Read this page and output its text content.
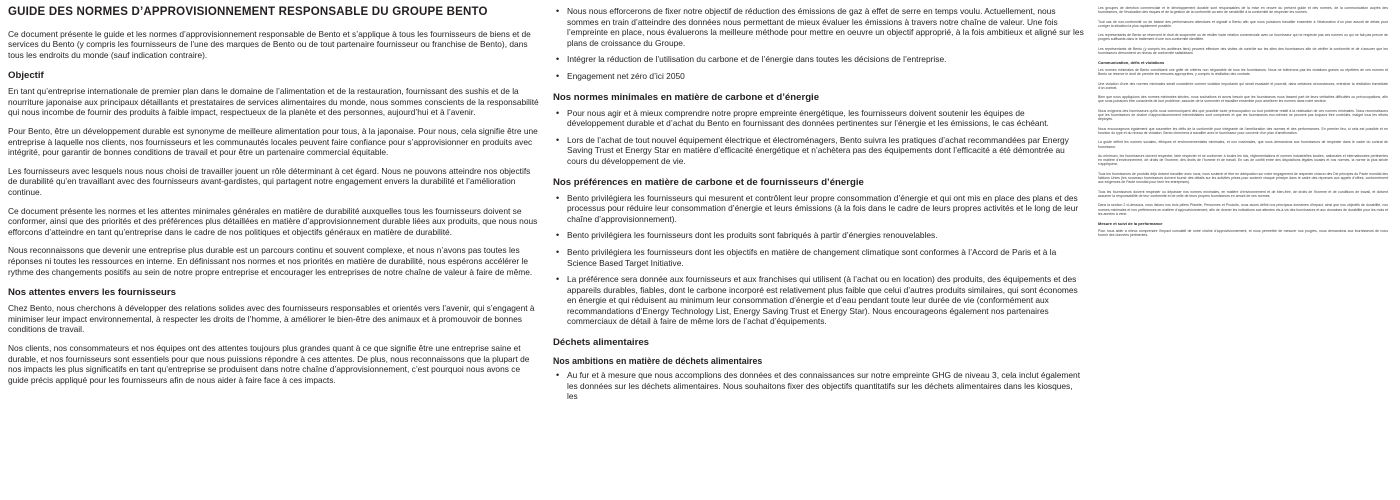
GUIDE DES NORMES D’APPROVISIONNEMENT RESPONSABLE DU GROUPE BENTO

Ce document présente le guide et les normes d’approvisionnement responsable de Bento et s’applique à tous les fournisseurs de biens et de services du Bento (y compris les fournisseurs de l’une des marques de Bento ou de tout partenaire fournisseur ou franchise de Bento), dans tous les endroits du monde (sauf indication contraire).

Objectif

En tant qu’entreprise internationale de premier plan dans le domaine de l’alimentation et de la restauration, fournissant des sushis et de la nourriture japonaise aux principaux détaillants et prestataires de services alimentaires du monde, nous sommes conscients de la responsabilité qui nous incombe de fournir des produits à faible impact, respectueux de la planète et des personnes, aujourd’hui et à l’avenir.

Pour Bento, être un développement durable est synonyme de meilleure alimentation pour tous, à la japonaise. Pour nous, cela signifie être une entreprise à laquelle nos clients, nos fournisseurs et les communautés locales peuvent faire confiance pour s’approvisionner en produits avec intégrité, pour garantir de bonnes conditions de travail et pour être un partenaire commercial équitable.

Les fournisseurs avec lesquels nous nous choisi de travailler jouent un rôle déterminant à cet égard. Nous ne pouvons atteindre nos objectifs de durabilité qu’en travaillant avec des fournisseurs avant-gardistes, qui partagent notre engagement envers la durabilité et l’amélioration continue.

Ce document présente les normes et les attentes minimales générales en matière de durabilité auxquelles tous les fournisseurs doivent se conformer, ainsi que des priorités et des préférences plus détaillées en matière d’approvisionnement durable liées aux produits, que nous nous efforcons d’atteindre en tant qu’entreprise dans le cadre de nos politiques et objectifs généraux en matière de durabilité.

Nous reconnaissons que devenir une entreprise plus durable est un parcours continu et souvent complexe, et nous n’avons pas toutes les réponses ni toutes les ressources en interne. En définissant nos normes et nos priorités en matière de durabilité, nous espérons accélérer le rythme des changements positifs au sein de notre propre entreprise et encourager les entreprises de notre chaîne de valeur à faire de même.

Nos attentes envers les fournisseurs

Chez Bento, nous cherchons à développer des relations solides avec des fournisseurs responsables et orientés vers l’avenir, qui s’engagent à minimiser leur impact environnemental, à respecter les droits de l’homme, à améliorer le bien-être des animaux et à promouvoir de bonnes conditions de travail.

Nos clients, nos consommateurs et nos équipes ont des attentes toujours plus grandes quant à ce que signifie être une entreprise saine et durable, et nos fournisseurs sont essentiels pour que nous puissions répondre à ces attentes. De plus, nous reconnaissons que la plupart de nos impacts les plus significatifs en tant qu’entreprise se produisent dans notre chaîne d’approvisionnement, c’est pourquoi nous avons ce guide précis appliqué pour les fournisseurs afin de nous aider à faire face à ces impacts.

• Nous nous efforcerons de fixer notre objectif de réduction des émissions de gaz à effet de serre en temps voulu. Actuellement, nous sommes en train d’atteindre des données nous permettant de mieux évaluer les émissions à travers notre chaîne de valeur. Une fois l’empreinte en place, nous évaluerons la meilleure méthode pour mettre en oeuvre un objectif approprié, à la fois ambitieux et aligné sur les plans de croissance du Groupe.
• Intégrer la réduction de l’utilisation du carbone et de l’énergie dans toutes les décisions de l’entreprise.
• Engagement net zéro d’ici 2050
Nos normes minimales en matière de carbone et d’énergie
• Pour nous agir et à mieux comprendre notre propre empreinte énergétique, les fournisseurs doivent soutenir les équipes de développement durable et d’achat du Bento en fournissant des données pertinentes sur l’énergie et les émissions, le cas échéant.
• Lors de l’achat de tout nouvel équipement électrique et électroménagers, Bento suivra les pratiques d’achat recommandées par Energy Saving Trust et Energy Star en matière d’efficacité énergétique et n’achètera pas des équipements dont l’efficacité a été démontrée au cours du développement de vie.
Nos préférences en matière de carbone et de fournisseurs d’énergie
• Bento privilégiera les fournisseurs qui mesurent et contrôlent leur propre consommation d’énergie et qui ont mis en place des plans et des processus pour réduire leur consommation d’énergie et leurs émissions (à la fois dans le cadre de leurs propres activités et le long de leur chaîne d’approvisionnement).
• Bento privilégiera les fournisseurs dont les produits sont fabriqués à partir d’énergies renouvelables.
• Bento privilégiera les fournisseurs dont les objectifs en matière de changement climatique sont conformes à l’Accord de Paris et à la Science Based Target Initiative.
• La préférence sera donnée aux fournisseurs et aux franchises qui utilisent (à l’achat ou en location) des produits, des équipements et des appareils durables, fiables, dont le carbone incorporé est relativement plus faible que celui d’autres produits similaires, qui sont économes en énergie et qui réduisent au minimum leur consommation d’énergie et d’eau pendant toute leur durée de vie (conformément aux recommandations d’Energy Technology List, Energy Saving Trust et Energy Star). Nous encourageons également nos partenaires commerciaux de détail à faire de même lors de l’achat d’équipements.
Déchets alimentaires
Nos ambitions en matière de déchets alimentaires
• Au fur et à mesure que nous accomplions des données et des connaissances sur notre empreinte GHG de niveau 3, cela inclut également les données sur les déchets alimentaires. Nous souhaitons fixer des objectifs quantitatifs sur les déchets alimentaires dans les kiosques, les

Les groupes de direction commerciale et le développement durable sont responsables de la mise en œuvre du présent guide et des normes, de la communication auprès des fournisseurs, de l’évaluation des risques et de la gestion de la conformité au sein de sensibilité à la conformité de respecter les normes.

Tout cas de non-conformité ou de baisse des performances attendues et signalé à Bento afin que nous puissions travailler ensemble à l’élaboration d’un plan assorti de délais pour corriger la situation la plus rapidement possible.

Les représentants de Bento se réservent le droit de suspendre ou de résilier toute relation commerciale avec un fournisseur qui ne respecte pas ces normes ou qui ne fait pas preuve de progrès suffisants dans le traitement d’une non-conformité identifiée.

Les représentants de Bento (y compris les auditeurs tiers) peuvent effectuer des visites de contrôle sur les sites des fournisseurs afin de vérifier la conformité et de s’assurer que les fournisseurs démontrent un niveau de conformité satisfaisant.

Communication, défis et violations

Les normes minimales de Bento constituent une grille de critères non négociable de tous les fournisseurs. Nous ne tolérerons pas les violations graves ou répétées de ces normes et Bento se réserve le droit de prendre les mesures appropriées, y compris la résiliation des contrats.

Une violation d’une des normes minimales serait considérée comme violation importante qui serait escaladé et pourrait, dans certaines circonstances, entraîner la résiliation immédiate d’un contrat.

Bien que nous appliquions des normes minimales strictes, nous souhaitons et avons besoin que les fournisseurs nous fassent part de leurs véritables difficultés ou préoccupations, afin que nous puissions être conscients de tout problème, associer de la surmonter et travailler ensemble pour améliorer les normes dans notre secteur.

Nous exigeons des fournisseurs qu’ils nous communiquent dès que possible toute préoccupation ou tout problème relatif à la réalisation de ces normes minimales. Nous reconnaissons que les fournisseurs de chaîne d’approvisionnement intermédiaires sont complexes et que les fournisseurs eux-mêmes ne peuvent pas toujours être contrôlés, malgré tous les efforts déployés.

Nous encourageons également que soumettre les défis de la conformité pour intégrante de l’amélioration des normes et des performances. En premier lieu, si cela est possible et en fonction du type et du niveau de violation, Bento cherchera à travailler avec le fournisseur pour convenir d’un plan d’amélioration.

La guide définit les normes sociales, éthiques et environnementales minimales, et non maximales, que nous demandons aux fournisseurs de respecter dans le cadre du contrat de fournisseur.

Au minimum, les fournisseurs doivent respecter, faire respecter et se conformer à toutes les lois, réglementations et normes industrielles locales, nationales et internationales pertinentes en matière d’environnement, de droits de l’homme, des droits de l’homme et de travail. En cas de conflit entre des dispositions légales locales et nos normes, la norme la plus stricte s’appliquera.

Tous les fournisseurs de produits déjà doivent travailler avec nous, nous soutenir et être en adéquation sur notre engagement de respecter chacun des Dix principes du Pacte mondial des Nations Unies (les nouveaux fournisseurs doivent fournir des détails sur les activités prises pour soutenir chaque principe dans le cadre des réponses aux appels d’offres, conformément aux exigences de Pacte mondial pour tenir les entreprises).

Tous les fournisseurs doivent respecter ou dépasser nos normes minimales, en matière d’environnement et de bien-être, de droits de l’homme et de conditions de travail, et doivent assumer la responsabilité de leur conformité et de celle de leurs propres fournisseurs en amont de ces normes.

Dans la section 2 ci-dessous, nous listons nos trois piliers Planète, Personnes et Produits, nous avons défini nos principaux domaines d’impact, ainsi que nos objectifs de durabilité, nos normes minimales et nos préférences en matière d’approvisionnement, afin de donner les indications aux attentes vis-à-vis des fournisseurs et aux domaines de durabilité pour les mois et les années à venir.

Mesure et suivi de la performance

Pour nous aider à mieux comprendre l’impact cumulatif de notre chaîne d’approvisionnement, et nous permettre de mesurer nos progrès, nous demandons aux fournisseurs de nous fournir des données pertinentes.
